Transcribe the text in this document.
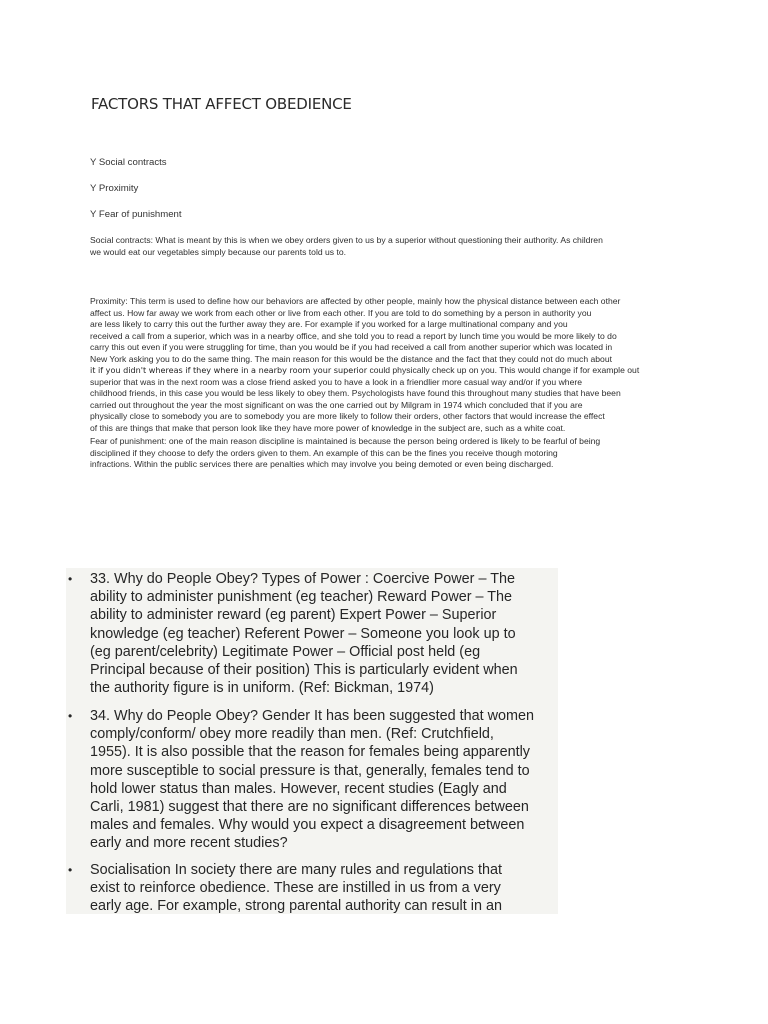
FACTORS THAT AFFECT OBEDIENCE
Y Social contracts
Y Proximity
Y Fear of punishment
Social contracts: What is meant by this is when we obey orders given to us by a superior without questioning their authority. As children
we would eat our vegetables simply because our parents told us to.
Proximity: This term is used to define how our behaviors are affected by other people, mainly how the physical distance between each other
affect us. How far away we work from each other or live from each other. If you are told to do something by a person in authority you
are less likely to carry this out the further away they are. For example if you worked for a large multinational company and you
received a call from a superior, which was in a nearby office, and she told you to read a report by lunch time you would be more likely to do
carry this out even if you were struggling for time, than you would be if you had received a call from another superior which was located in
New York asking you to do the same thing. The main reason for this would be the distance and the fact that they could not do much about
it if you didn't whereas if they where in a nearby room your superior could physically check up on you. This would change if for example out
superior that was in the next room was a close friend asked you to have a look in a friendlier more casual way and/or if you where
childhood friends, in this case you would be less likely to obey them. Psychologists have found this throughout many studies that have been
carried out throughout the year the most significant on was the one carried out by Milgram in 1974 which concluded that if you are
physically close to somebody you are to somebody you are more likely to follow their orders, other factors that would increase the effect
of this are things that make that person look like they have more power of knowledge in the subject are, such as a white coat.
Fear of punishment: one of the main reason discipline is maintained is because the person being ordered is likely to be fearful of being
disciplined if they choose to defy the orders given to them. An example of this can be the fines you receive though motoring
infractions. Within the public services there are penalties which may involve you being demoted or even being discharged.
• 33. Why do People Obey? Types of Power : Coercive Power – The
ability to administer punishment (eg teacher) Reward Power – The
ability to administer reward (eg parent) Expert Power – Superior
knowledge (eg teacher) Referent Power – Someone you look up to
(eg parent/celebrity) Legitimate Power – Official post held (eg
Principal because of their position) This is particularly evident when
the authority figure is in uniform. (Ref: Bickman, 1974)
• 34. Why do People Obey? Gender It has been suggested that women
comply/conform/ obey more readily than men. (Ref: Crutchfield,
1955). It is also possible that the reason for females being apparently
more susceptible to social pressure is that, generally, females tend to
hold lower status than males. However, recent studies (Eagly and
Carli, 1981) suggest that there are no significant differences between
males and females. Why would you expect a disagreement between
early and more recent studies?
• Socialisation In society there are many rules and regulations that
exist to reinforce obedience. These are instilled in us from a very
early age. For example, strong parental authority can result in an
